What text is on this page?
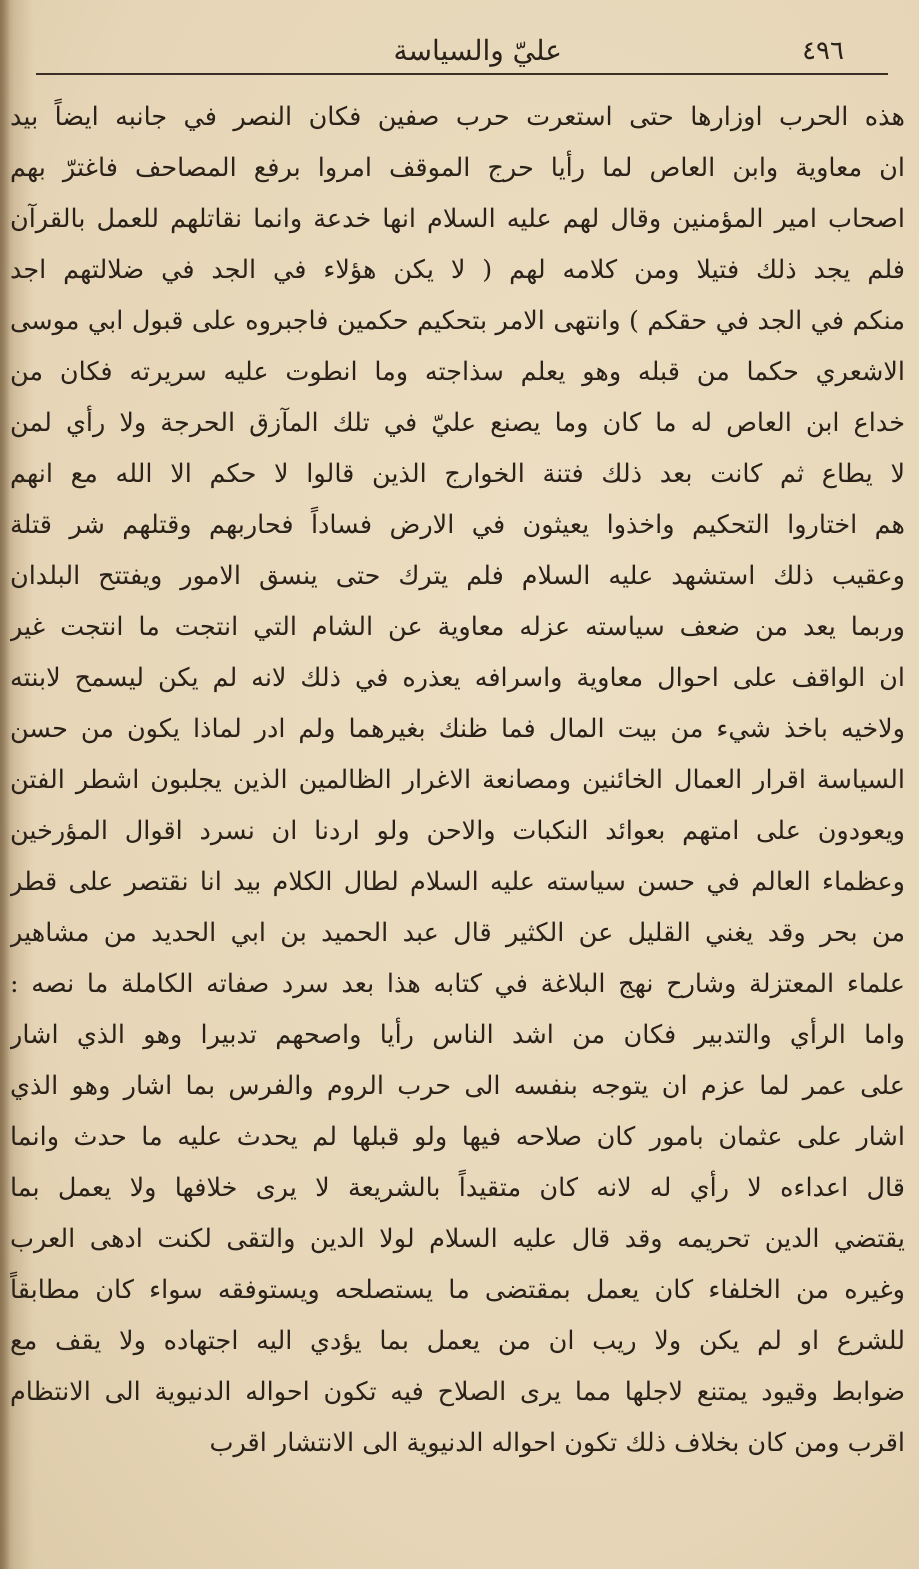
٤٩٦
عليّ والسياسة
هذه الحرب اوزارها حتى استعرت حرب صفين فكان النصر في جانبه ايضاً بيد
ان معاوية وابن العاص لما رأيا حرج الموقف امروا برفع المصاحف فاغترّ بهم
اصحاب امير المؤمنين وقال لهم عليه السلام انها خدعة وانما نقاتلهم للعمل بالقرآن
فلم يجد ذلك فتيلا ومن كلامه لهم ( لا يكن هؤلاء في الجد في ضلالتهم اجد
منكم في الجد في حقكم ) وانتهى الامر بتحكيم حكمين فاجبروه على قبول ابي موسى
الاشعري حكما من قبله وهو يعلم سذاجته وما انطوت عليه سريرته فكان من
خداع ابن العاص له ما كان وما يصنع عليّ في تلك المآزق الحرجة ولا رأي لمن
لا يطاع ثم كانت بعد ذلك فتنة الخوارج الذين قالوا لا حكم الا الله مع انهم
هم اختاروا التحكيم واخذوا يعيثون في الارض فساداً فحاربهم وقتلهم شر قتلة
وعقيب ذلك استشهد عليه السلام فلم يترك حتى ينسق الامور ويفتتح البلدان
وربما يعد من ضعف سياسته عزله معاوية عن الشام التي انتجت ما انتجت غير
ان الواقف على احوال معاوية واسرافه يعذره في ذلك لانه لم يكن ليسمح لابنته
ولاخيه باخذ شيء من بيت المال فما ظنك بغيرهما ولم ادر لماذا يكون من حسن
السياسة اقرار العمال الخائنين ومصانعة الاغرار الظالمين الذين يجلبون اشطر الفتن
ويعودون على امتهم بعوائد النكبات والاحن ولو اردنا ان نسرد اقوال المؤرخين
وعظماء العالم في حسن سياسته عليه السلام لطال الكلام بيد انا نقتصر على قطر
من بحر وقد يغني القليل عن الكثير قال عبد الحميد بن ابي الحديد من مشاهير
علماء المعتزلة وشارح نهج البلاغة في كتابه هذا بعد سرد صفاته الكاملة ما نصه :
واما الرأي والتدبير فكان من اشد الناس رأيا واصحهم تدبيرا وهو الذي اشار
على عمر لما عزم ان يتوجه بنفسه الى حرب الروم والفرس بما اشار وهو الذي
اشار على عثمان بامور كان صلاحه فيها ولو قبلها لم يحدث عليه ما حدث وانما
قال اعداءه لا رأي له لانه كان متقيداً بالشريعة لا يرى خلافها ولا يعمل بما
يقتضي الدين تحريمه وقد قال عليه السلام لولا الدين والتقى لكنت ادهى العرب
وغيره من الخلفاء كان يعمل بمقتضى ما يستصلحه ويستوفقه سواء كان مطابقاً
للشرع او لم يكن ولا ريب ان من يعمل بما يؤدي اليه اجتهاده ولا يقف مع
ضوابط وقيود يمتنع لاجلها مما يرى الصلاح فيه تكون احواله الدنيوية الى الانتظام
اقرب ومن كان بخلاف ذلك تكون احواله الدنيوية الى الانتشار اقرب
